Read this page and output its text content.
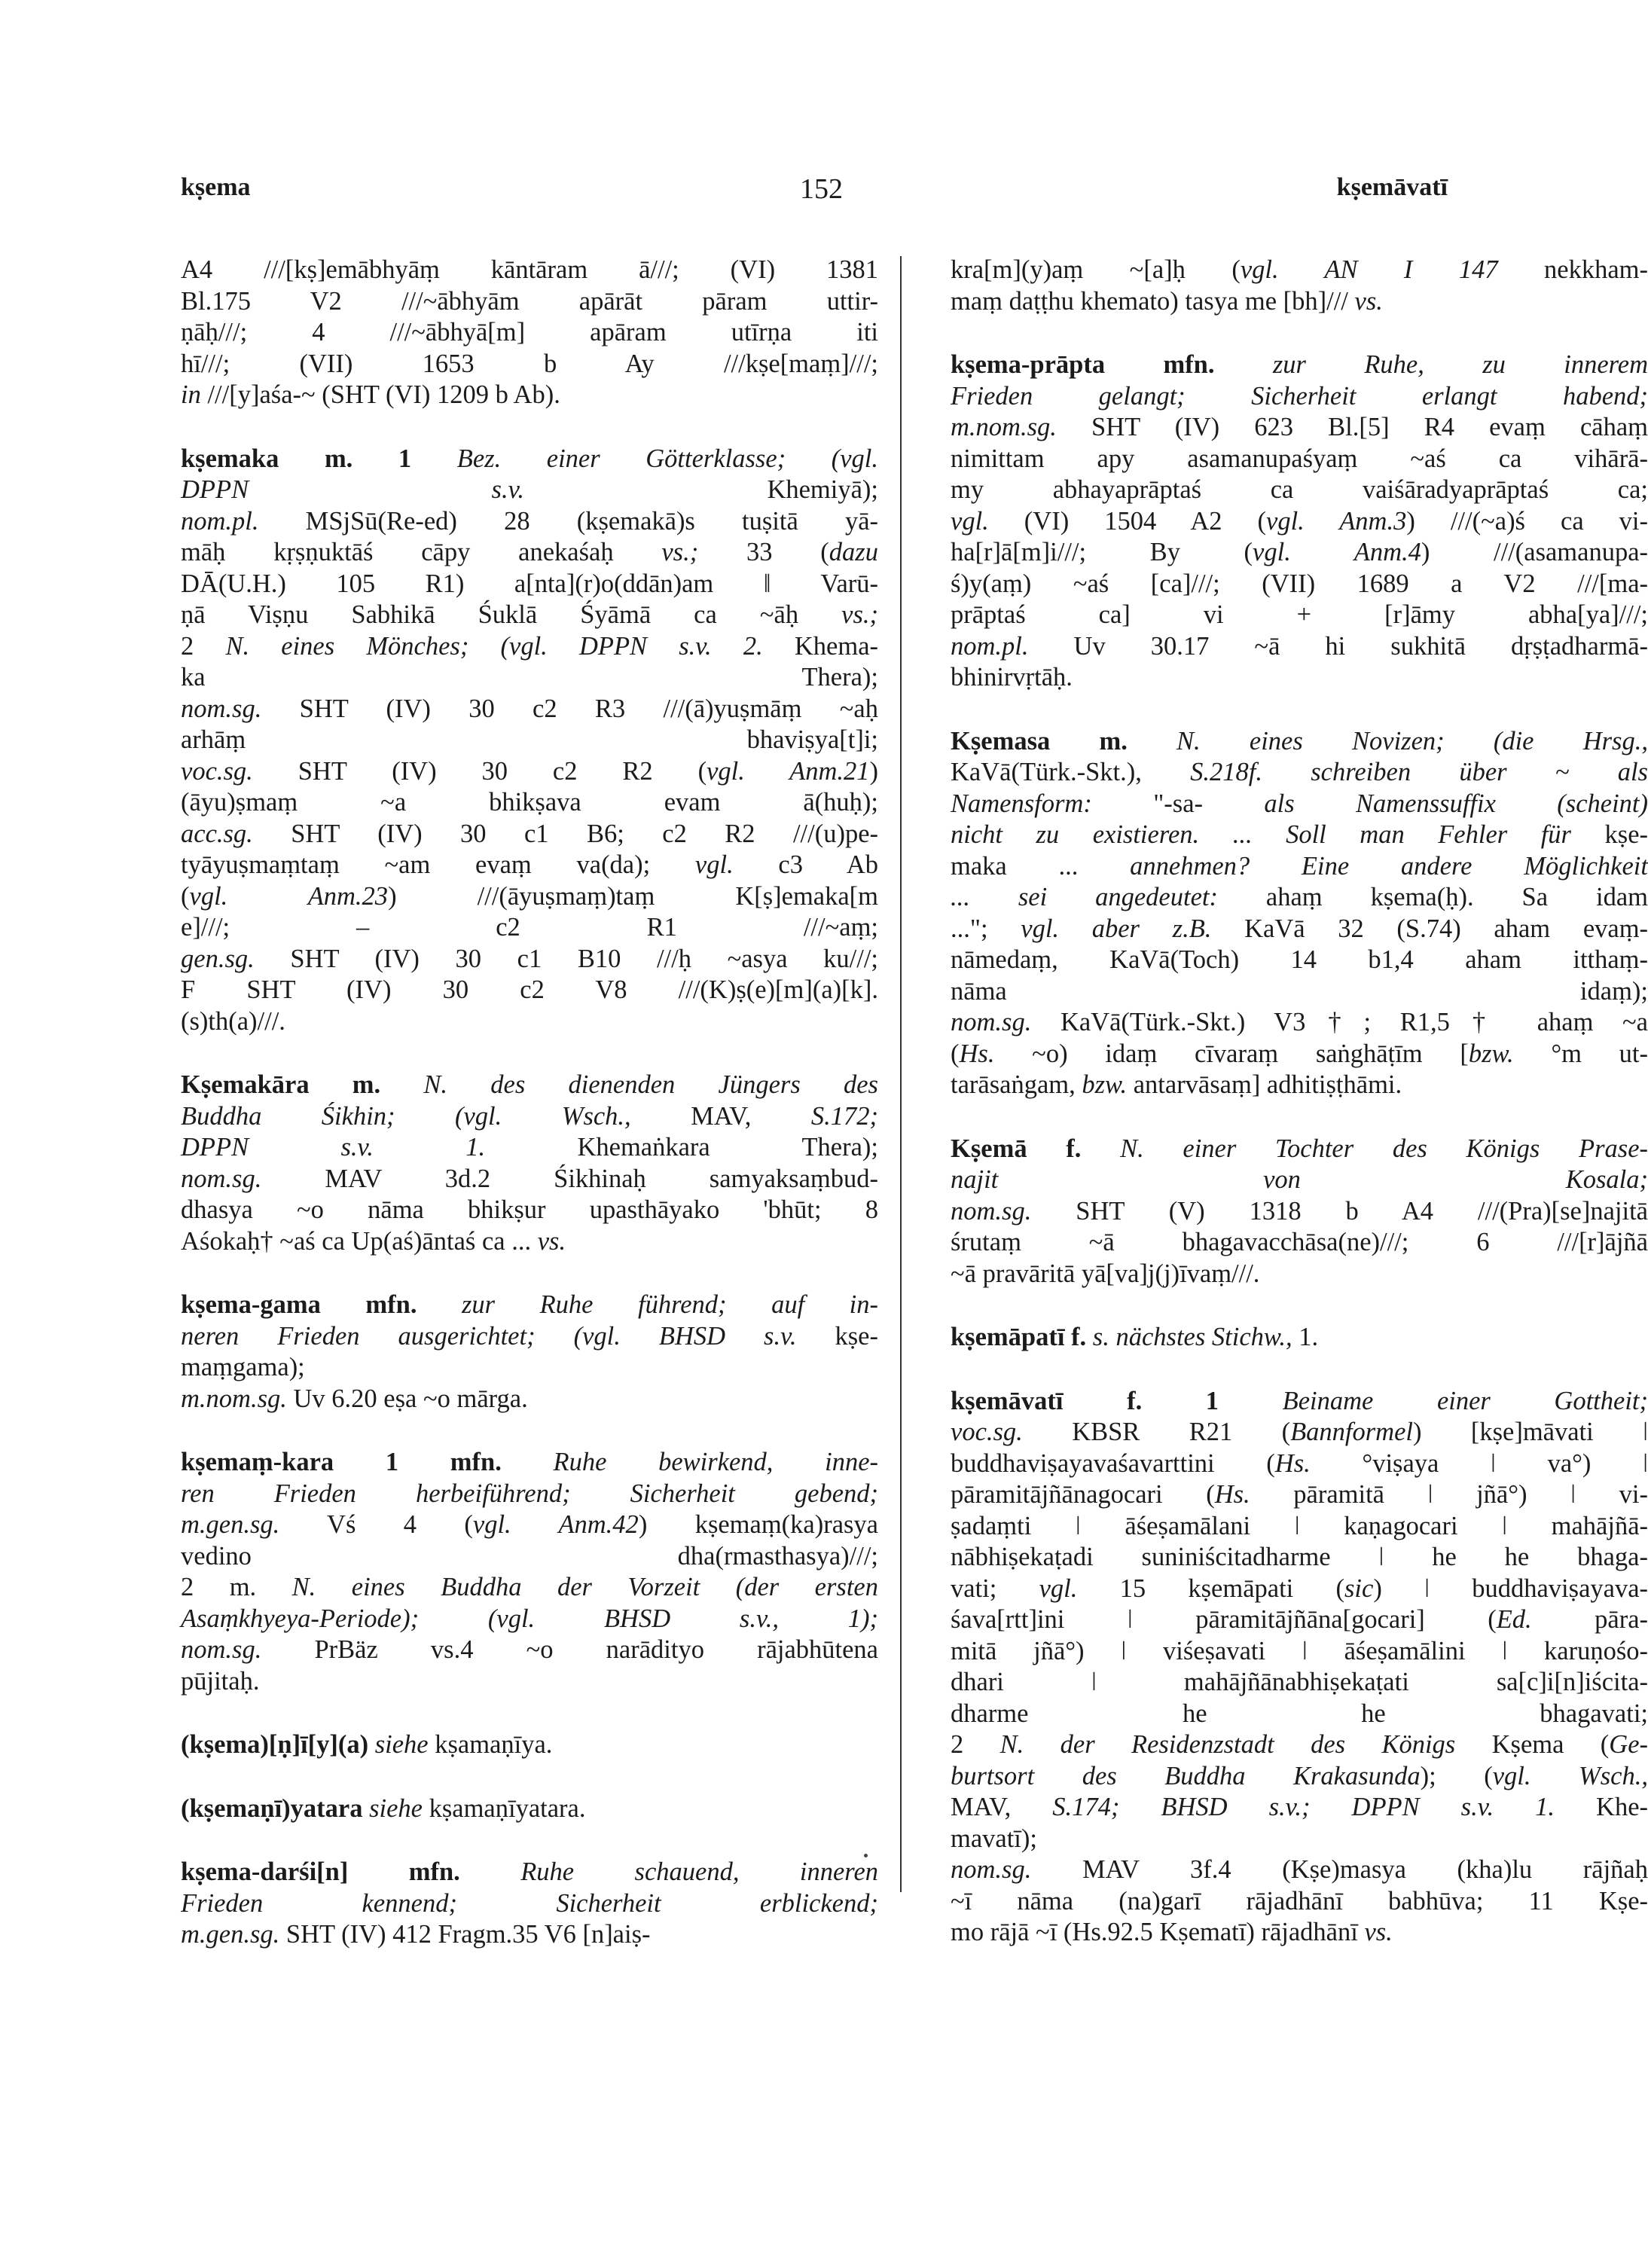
kṣema	152	kṣemāvatī
A4 ///[kṣ]emābhyāṃ kāntāram ā///; (VI) 1381
Bl.175 V2 ///~ābhyām apārāt pāram uttir-
ṇāḥ///; 4 ///~ābhyā[m] apāram utīrṇa iti
hī///; (VII) 1653 b Ay ///kṣe[maṃ]///;
in ///[y]aśa-~ (SHT (VI) 1209 b Ab).
kṣemaka m. 1 Bez. einer Götterklasse; (vgl.
DPPN s.v. Khemiyā);
nom.pl. MSjSū(Re-ed) 28 (kṣemakā)s tuṣitā yā-
māḥ kṛṣṇuktāś cāpy anekaśaḥ vs.; 33 (dazu
DĀ(U.H.) 105 R1) a[nta](r)o(ddān)am ‖ Varū-
ṇā Viṣṇu Sabhikā Śuklā Śyāmā ca ~āḥ vs.;
2 N. eines Mönches; (vgl. DPPN s.v. 2. Khema-
ka Thera);
nom.sg. SHT (IV) 30 c2 R3 ///(ā)yuṣmāṃ ~aḥ
arhāṃ bhaviṣya[t]i;
voc.sg. SHT (IV) 30 c2 R2 (vgl. Anm.21)
(āyu)ṣmaṃ ~a bhikṣava evam ā(huḥ);
acc.sg. SHT (IV) 30 c1 B6; c2 R2 ///(u)pe-
tyāyuṣmaṃtaṃ ~am evaṃ va(da); vgl. c3 Ab
(vgl. Anm.23) ///(āyuṣmaṃ)taṃ K[ṣ]emaka[m
e]///; – c2 R1 ///~aṃ;
gen.sg. SHT (IV) 30 c1 B10 ///ḥ ~asya ku///;
F SHT (IV) 30 c2 V8 ///(K)ṣ(e)[m](a)[k].
(s)th(a)///.
Kṣemakāra m. N. des dienenden Jüngers des
Buddha Śikhin; (vgl. Wsch., MAV, S.172;
DPPN s.v. 1. Khemaṅkara Thera);
nom.sg. MAV 3d.2 Śikhinaḥ samyaksaṃbud-
dhasya ~o nāma bhikṣur upasthāyako 'bhūt; 8
Aśokaḥ† ~aś ca Up(aś)āntaś ca ... vs.
kṣema-gama mfn. zur Ruhe führend; auf in-
neren Frieden ausgerichtet; (vgl. BHSD s.v. kṣe-
maṃgama);
m.nom.sg. Uv 6.20 eṣa ~o mārga.
kṣemaṃ-kara 1 mfn. Ruhe bewirkend, inne-
ren Frieden herbeiführend; Sicherheit gebend;
m.gen.sg. Vś 4 (vgl. Anm.42) kṣemaṃ(ka)rasya
vedino dha(rmasthasya)///;
2 m. N. eines Buddha der Vorzeit (der ersten
Asaṃkhyeya-Periode); (vgl. BHSD s.v., 1);
nom.sg. PrBäz vs.4 ~o narādityo rājabhūtena
pūjitaḥ.
(kṣema)[ṇ]ī[y](a) siehe kṣamaṇīya.
(kṣemaṇī)yatara siehe kṣamaṇīyatara.
kṣema-darśi[n] mfn. Ruhe schauend, inneren
Frieden kennend; Sicherheit erblickend;
m.gen.sg. SHT (IV) 412 Fragm.35 V6 [n]aiṣ-
kra[m](y)aṃ ~[a]ḥ (vgl. AN I 147 nekkham-
maṃ daṭṭhu khemato) tasya me [bh]/// vs.
kṣema-prāpta mfn. zur Ruhe, zu innerem
Frieden gelangt; Sicherheit erlangt habend;
m.nom.sg. SHT (IV) 623 Bl.[5] R4 evaṃ cāhaṃ
nimittam apy asamanupaśyaṃ ~aś ca vihārā-
my abhayaprāptaś ca vaiśāradyaprāptaś ca;
vgl. (VI) 1504 A2 (vgl. Anm.3) ///(~a)ś ca vi-
ha[r]ā[m]i///; By (vgl. Anm.4) ///(asamanupa-
ś)y(aṃ) ~aś [ca]///; (VII) 1689 a V2 ///[ma-
prāptaś ca] vi + [r]āmy abha[ya]///;
nom.pl. Uv 30.17 ~ā hi sukhitā dṛṣṭadharmā-
bhinirvṛtāḥ.
Kṣemasa m. N. eines Novizen; (die Hrsg.,
KaVā(Türk.-Skt.), S.218f. schreiben über ~ als
Namensform: "-sa- als Namenssuffix (scheint)
nicht zu existieren. ... Soll man Fehler für kṣe-
maka ... annehmen? Eine andere Möglichkeit
... sei angedeutet: ahaṃ kṣema(ḥ). Sa idam
..."; vgl. aber z.B. KaVā 32 (S.74) aham evaṃ-
nāmedaṃ, KaVā(Toch) 14 b1,4 aham itthaṃ-
nāma idaṃ);
nom.sg. KaVā(Türk.-Skt.) V3†; R1,5† ahaṃ ~a
(Hs. ~o) idaṃ cīvaraṃ saṅghāṭīm [bzw. °m ut-
tarāsaṅgam, bzw. antarvāsaṃ] adhitiṣṭhāmi.
Kṣemā f. N. einer Tochter des Königs Prase-
najit von Kosala;
nom.sg. SHT (V) 1318 b A4 ///(Pra)[se]najitā
śrutaṃ ~ā bhagavacchāsa(ne)///; 6 ///[r]ājñā
~ā pravāritā yā[va]j(j)īvaṃ///.
kṣemāpatī f. s. nächstes Stichw., 1.
kṣemāvatī f. 1 Beiname einer Gottheit;
voc.sg. KBSR R21 (Bannformel) [kṣe]māvati ǀ
buddhaviṣayavaśavarttini (Hs. °viṣaya ǀ va°) ǀ
pāramitājñānagocari (Hs. pāramitā ǀ jñā°) ǀ vi-
ṣadaṃti ǀ āśeṣamālani ǀ kaṇagocari ǀ mahājñā-
nābhiṣekaṭadi suniniścitadharme ǀ he he bhaga-
vati; vgl. 15 kṣemāpati (sic) ǀ buddhaviṣayava-
śava[rtt]ini ǀ pāramitājñāna[gocari] (Ed. pāra-
mitā jñā°) ǀ viśeṣavati ǀ āśeṣamālini ǀ karuṇośo-
dhari ǀ mahājñānabhiṣekaṭati sa[c]i[n]iścita-
dharme he he bhagavati;
2 N. der Residenzstadt des Königs Kṣema (Ge-
burtsort des Buddha Krakasunda); (vgl. Wsch.,
MAV, S.174; BHSD s.v.; DPPN s.v. 1. Khe-
mavatī);
nom.sg. MAV 3f.4 (Kṣe)masya (kha)lu rājñaḥ
~ī nāma (na)garī rājadhānī babhūva; 11 Kṣe-
mo rājā ~ī (Hs.92.5 Kṣematī) rājadhānī vs.
